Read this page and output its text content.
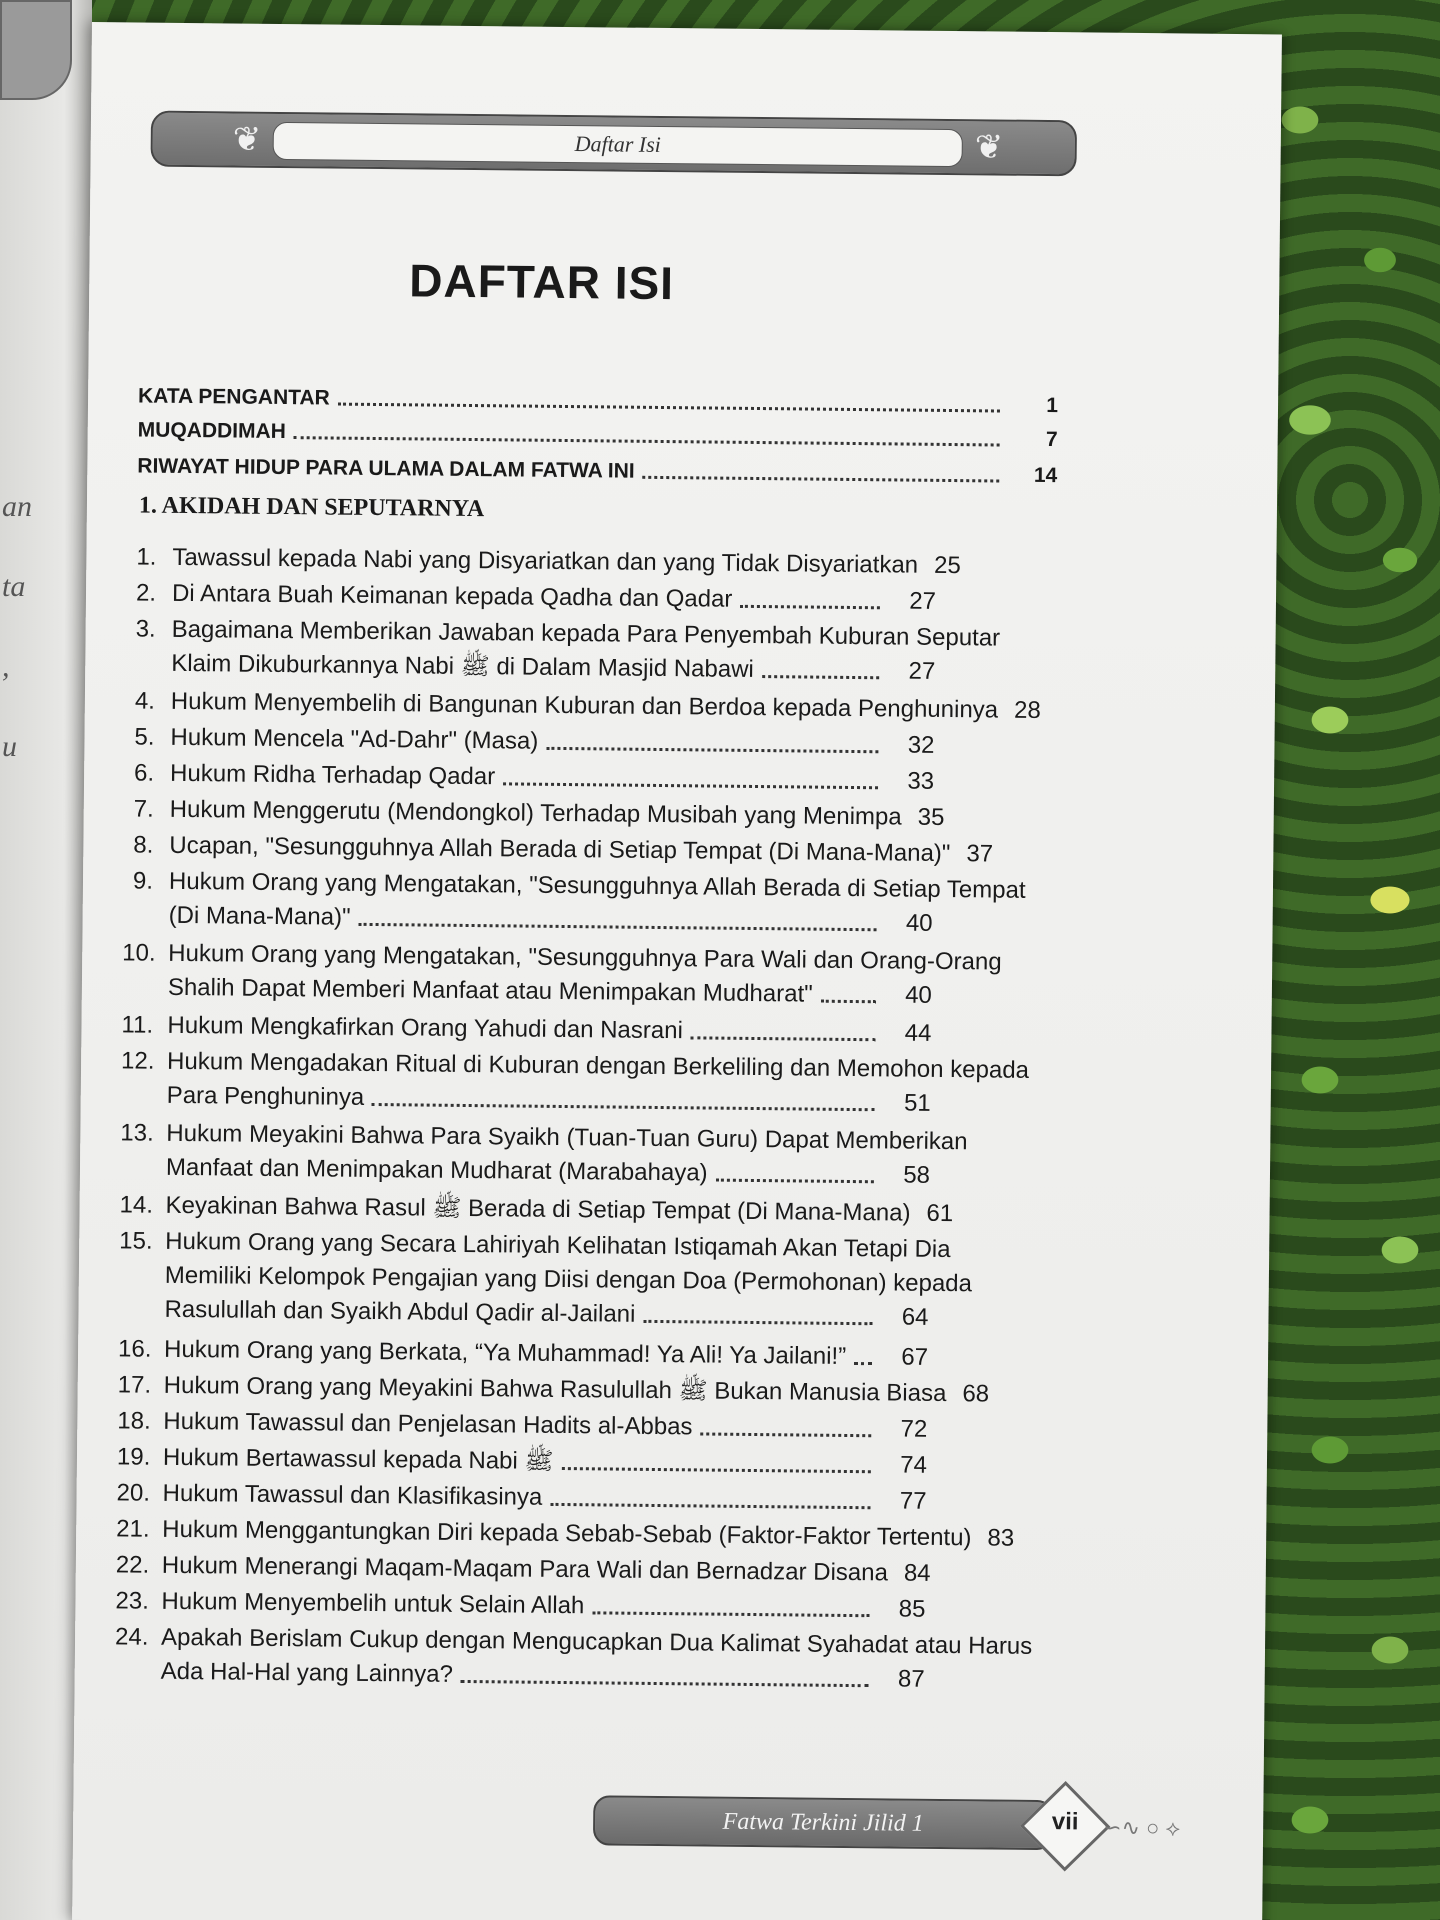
an
ta
,
u
❦	Daftar Isi	❦
DAFTAR ISI
KATA PENGANTAR	1
MUQADDIMAH	7
RIWAYAT HIDUP PARA ULAMA DALAM FATWA INI	14
1. AKIDAH DAN SEPUTARNYA
1. Tawassul kepada Nabi yang Disyariatkan dan yang Tidak Disyariatkan 25
2. Di Antara Buah Keimanan kepada Qadha dan Qadar	27
3. Bagaimana Memberikan Jawaban kepada Para Penyembah Kuburan Seputar
Klaim Dikuburkannya Nabi ﷺ di Dalam Masjid Nabawi	27
4. Hukum Menyembelih di Bangunan Kuburan dan Berdoa kepada Penghuninya 28
5. Hukum Mencela "Ad-Dahr" (Masa)	32
6. Hukum Ridha Terhadap Qadar	33
7. Hukum Menggerutu (Mendongkol) Terhadap Musibah yang Menimpa 35
8. Ucapan, "Sesungguhnya Allah Berada di Setiap Tempat (Di Mana-Mana)" 37
9. Hukum Orang yang Mengatakan, "Sesungguhnya Allah Berada di Setiap Tempat
(Di Mana-Mana)"	40
10. Hukum Orang yang Mengatakan, "Sesungguhnya Para Wali dan Orang-Orang
Shalih Dapat Memberi Manfaat atau Menimpakan Mudharat"	40
11. Hukum Mengkafirkan Orang Yahudi dan Nasrani	44
12. Hukum Mengadakan Ritual di Kuburan dengan Berkeliling dan Memohon kepada
Para Penghuninya	51
13. Hukum Meyakini Bahwa Para Syaikh (Tuan-Tuan Guru) Dapat Memberikan
Manfaat dan Menimpakan Mudharat (Marabahaya)	58
14. Keyakinan Bahwa Rasul ﷺ Berada di Setiap Tempat (Di Mana-Mana) 61
15. Hukum Orang yang Secara Lahiriyah Kelihatan Istiqamah Akan Tetapi Dia
Memiliki Kelompok Pengajian yang Diisi dengan Doa (Permohonan) kepada
Rasulullah dan Syaikh Abdul Qadir al-Jailani	64
16. Hukum Orang yang Berkata, “Ya Muhammad! Ya Ali! Ya Jailani!”	67
17. Hukum Orang yang Meyakini Bahwa Rasulullah ﷺ Bukan Manusia Biasa 68
18. Hukum Tawassul dan Penjelasan Hadits al-Abbas	72
19. Hukum Bertawassul kepada Nabi ﷺ	74
20. Hukum Tawassul dan Klasifikasinya	77
21. Hukum Menggantungkan Diri kepada Sebab-Sebab (Faktor-Faktor Tertentu) 83
22. Hukum Menerangi Maqam-Maqam Para Wali dan Bernadzar Disana 84
23. Hukum Menyembelih untuk Selain Allah	85
24. Apakah Berislam Cukup dengan Mengucapkan Dua Kalimat Syahadat atau Harus
Ada Hal-Hal yang Lainnya?	87
Fatwa Terkini Jilid 1	vii	∽∿ ○ ⟡
